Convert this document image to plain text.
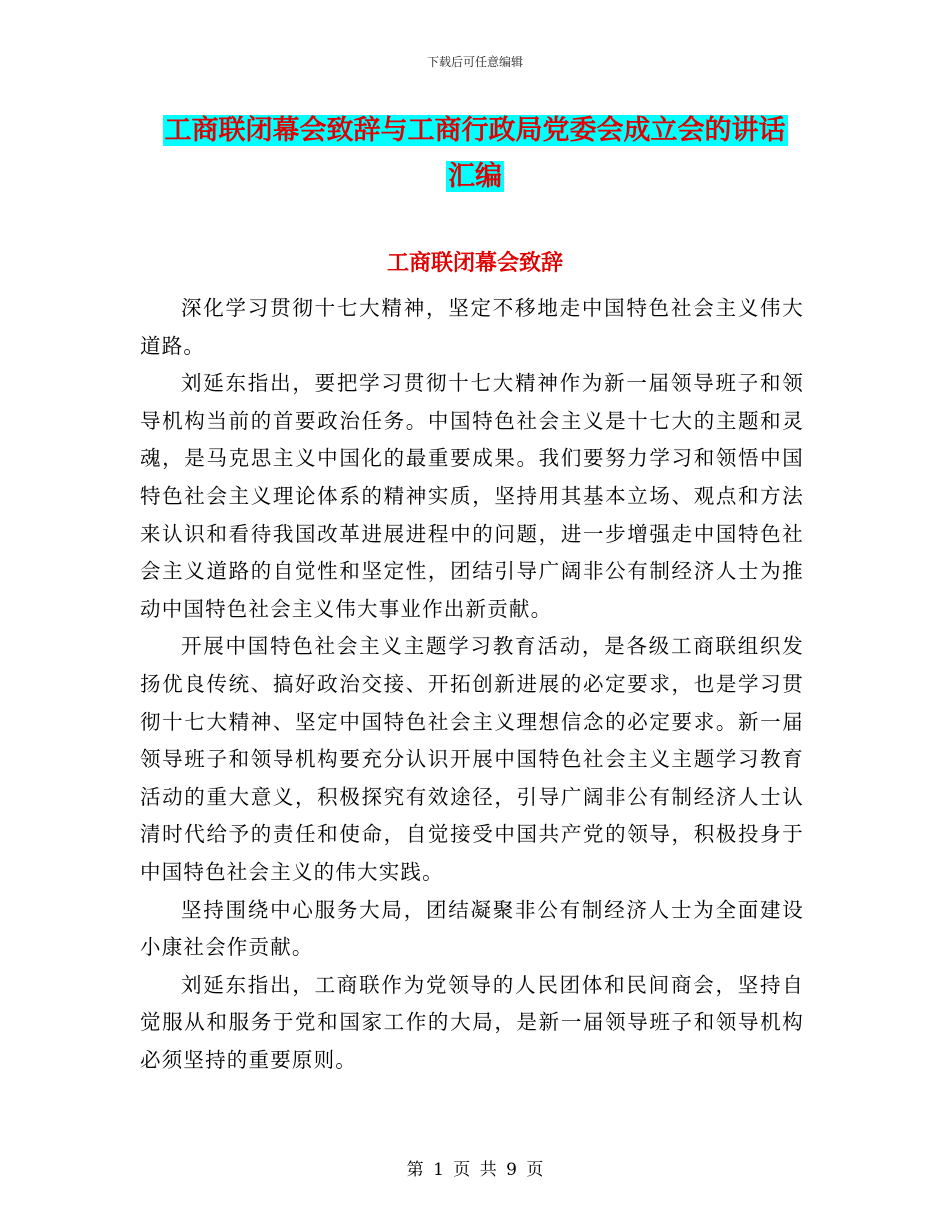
下载后可任意编辑
工商联闭幕会致辞与工商行政局党委会成立会的讲话
汇编
工商联闭幕会致辞

深化学习贯彻十七大精神，坚定不移地走中国特色社会主义伟大道路。

刘延东指出，要把学习贯彻十七大精神作为新一届领导班子和领导机构当前的首要政治任务。中国特色社会主义是十七大的主题和灵魂，是马克思主义中国化的最重要成果。我们要努力学习和领悟中国特色社会主义理论体系的精神实质，坚持用其基本立场、观点和方法来认识和看待我国改革进展进程中的问题，进一步增强走中国特色社会主义道路的自觉性和坚定性，团结引导广阔非公有制经济人士为推动中国特色社会主义伟大事业作出新贡献。

开展中国特色社会主义主题学习教育活动，是各级工商联组织发扬优良传统、搞好政治交接、开拓创新进展的必定要求，也是学习贯彻十七大精神、坚定中国特色社会主义理想信念的必定要求。新一届领导班子和领导机构要充分认识开展中国特色社会主义主题学习教育活动的重大意义，积极探究有效途径，引导广阔非公有制经济人士认清时代给予的责任和使命，自觉接受中国共产党的领导，积极投身于中国特色社会主义的伟大实践。

坚持围绕中心服务大局，团结凝聚非公有制经济人士为全面建设小康社会作贡献。

刘延东指出，工商联作为党领导的人民团体和民间商会，坚持自觉服从和服务于党和国家工作的大局，是新一届领导班子和领导机构必须坚持的重要原则。

第 1 页 共 9 页
